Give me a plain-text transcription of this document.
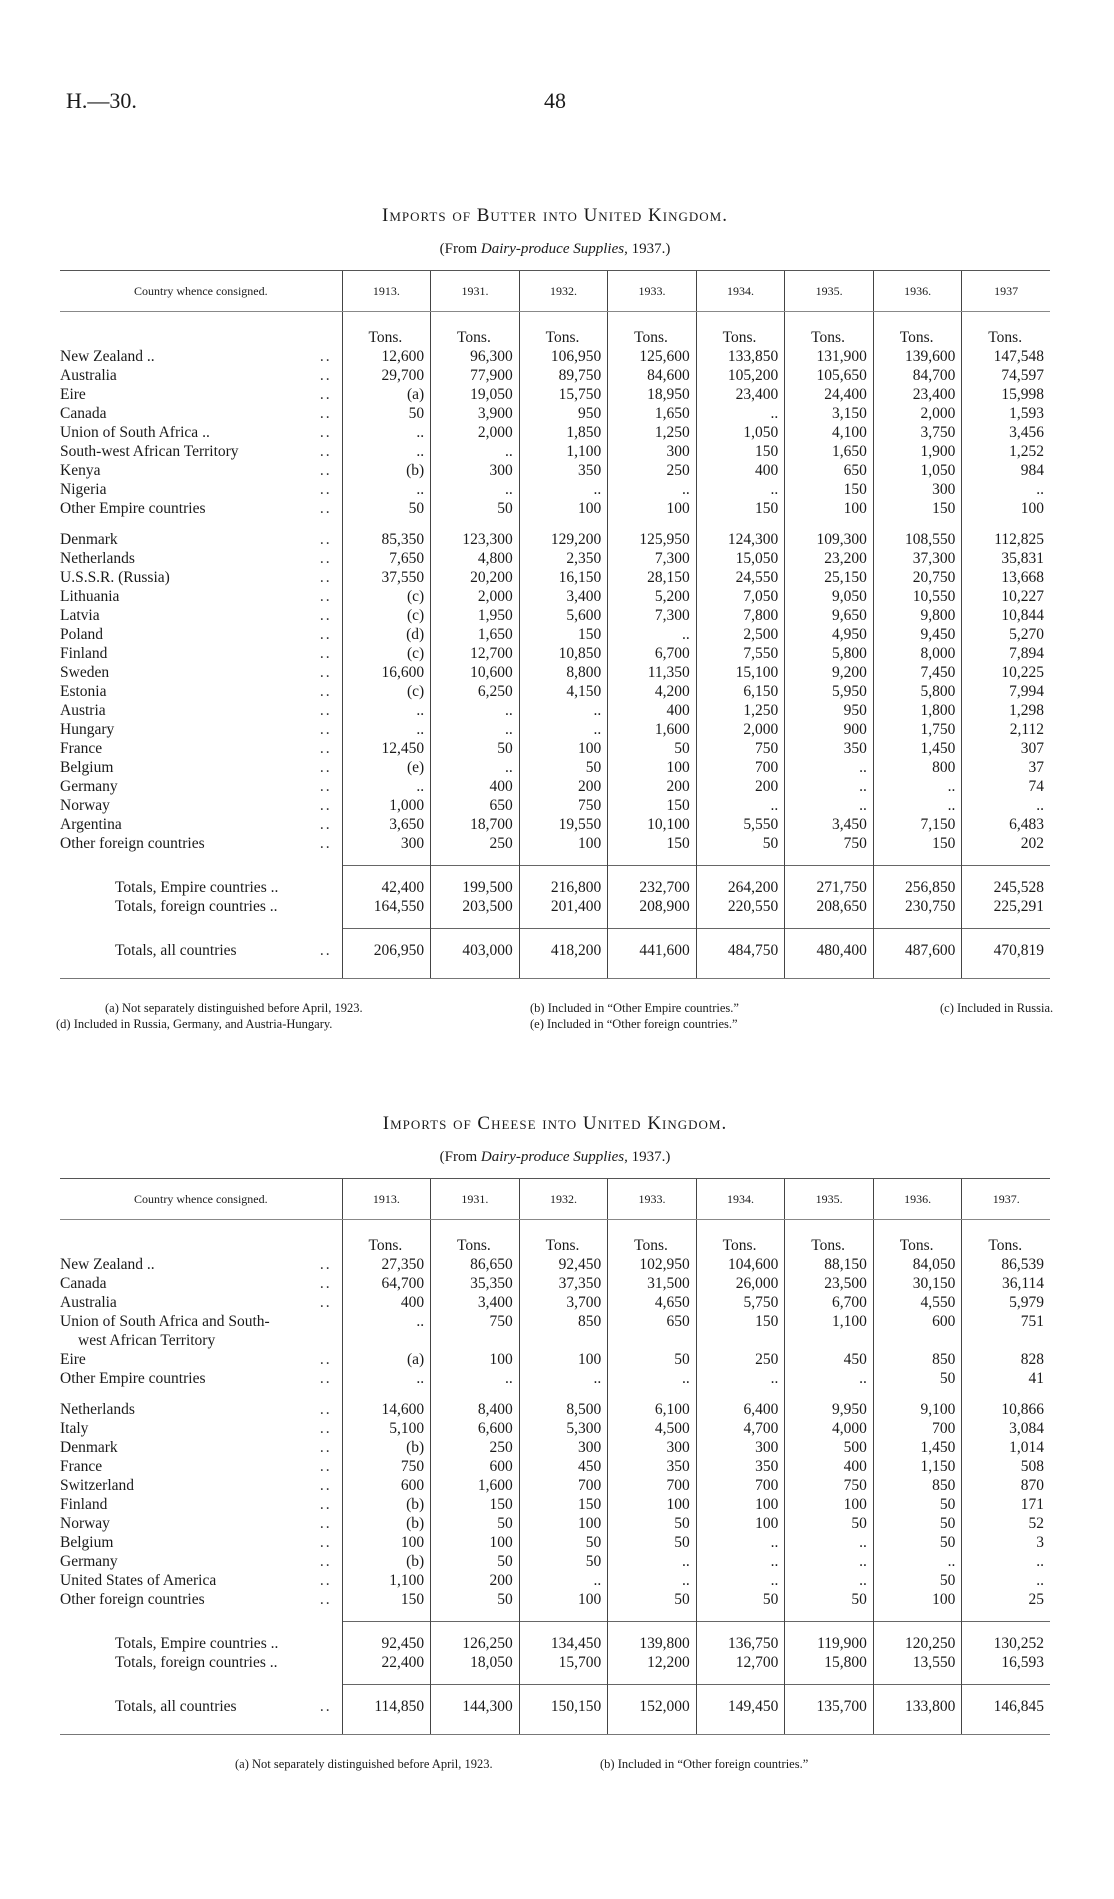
H.—30.	48
Imports of Butter into United Kingdom.
(From Dairy-produce Supplies, 1937.)
Country whence consigned.	1913.	1931.	1932.	1933.	1934.	1935.	1936.	1937
	Tons.	Tons.	Tons.	Tons.	Tons.	Tons.	Tons.	Tons.
New Zealand .. ..	12,600	96,300	106,950	125,600	133,850	131,900	139,600	147,548
Australia ..	29,700	77,900	89,750	84,600	105,200	105,650	84,700	74,597
Eire ..	(a)	19,050	15,750	18,950	23,400	24,400	23,400	15,998
Canada ..	50	3,900	950	1,650	..	3,150	2,000	1,593
Union of South Africa .. ..	..	2,000	1,850	1,250	1,050	4,100	3,750	3,456
South-west African Territory ..	..	..	1,100	300	150	1,650	1,900	1,252
Kenya ..	(b)	300	350	250	400	650	1,050	984
Nigeria ..	..	..	..	..	..	150	300	..
Other Empire countries ..	50	50	100	100	150	100	150	100

Denmark ..	85,350	123,300	129,200	125,950	124,300	109,300	108,550	112,825
Netherlands ..	7,650	4,800	2,350	7,300	15,050	23,200	37,300	35,831
U.S.S.R. (Russia) ..	37,550	20,200	16,150	28,150	24,550	25,150	20,750	13,668
Lithuania ..	(c)	2,000	3,400	5,200	7,050	9,050	10,550	10,227
Latvia ..	(c)	1,950	5,600	7,300	7,800	9,650	9,800	10,844
Poland ..	(d)	1,650	150	..	2,500	4,950	9,450	5,270
Finland ..	(c)	12,700	10,850	6,700	7,550	5,800	8,000	7,894
Sweden ..	16,600	10,600	8,800	11,350	15,100	9,200	7,450	10,225
Estonia ..	(c)	6,250	4,150	4,200	6,150	5,950	5,800	7,994
Austria ..	..	..	..	400	1,250	950	1,800	1,298
Hungary ..	..	..	..	1,600	2,000	900	1,750	2,112
France ..	12,450	50	100	50	750	350	1,450	307
Belgium ..	(e)	..	50	100	700	..	800	37
Germany ..	..	400	200	200	200	..	..	74
Norway ..	1,000	650	750	150	..	..	..	..
Argentina ..	3,650	18,700	19,550	10,100	5,550	3,450	7,150	6,483
Other foreign countries ..	300	250	100	150	50	750	150	202

Totals, Empire countries ..	42,400	199,500	216,800	232,700	264,200	271,750	256,850	245,528
Totals, foreign countries ..	164,550	203,500	201,400	208,900	220,550	208,650	230,750	225,291

Totals, all countries ..	206,950	403,000	418,200	441,600	484,750	480,400	487,600	470,819

(a) Not separately distinguished before April, 1923.	(b) Included in “Other Empire countries.”	(c) Included in Russia.
(d) Included in Russia, Germany, and Austria-Hungary.	(e) Included in “Other foreign countries.”
Imports of Cheese into United Kingdom.
(From Dairy-produce Supplies, 1937.)
Country whence consigned.	1913.	1931.	1932.	1933.	1934.	1935.	1936.	1937.
	Tons.	Tons.	Tons.	Tons.	Tons.	Tons.	Tons.	Tons.
New Zealand .. ..	27,350	86,650	92,450	102,950	104,600	88,150	84,050	86,539
Canada ..	64,700	35,350	37,350	31,500	26,000	23,500	30,150	36,114
Australia ..	400	3,400	3,700	4,650	5,750	6,700	4,550	5,979
Union of South Africa and South-	..	750	850	650	150	1,100	600	751
west African Territory								
Eire ..	(a)	100	100	50	250	450	850	828
Other Empire countries ..	..	..	..	..	..	..	50	41

Netherlands ..	14,600	8,400	8,500	6,100	6,400	9,950	9,100	10,866
Italy ..	5,100	6,600	5,300	4,500	4,700	4,000	700	3,084
Denmark ..	(b)	250	300	300	300	500	1,450	1,014
France ..	750	600	450	350	350	400	1,150	508
Switzerland ..	600	1,600	700	700	700	750	850	870
Finland ..	(b)	150	150	100	100	100	50	171
Norway ..	(b)	50	100	50	100	50	50	52
Belgium ..	100	100	50	50	..	..	50	3
Germany ..	(b)	50	50	..	..	..	..	..
United States of America ..	1,100	200	..	..	..	..	50	..
Other foreign countries ..	150	50	100	50	50	50	100	25

Totals, Empire countries ..	92,450	126,250	134,450	139,800	136,750	119,900	120,250	130,252
Totals, foreign countries ..	22,400	18,050	15,700	12,200	12,700	15,800	13,550	16,593

Totals, all countries ..	114,850	144,300	150,150	152,000	149,450	135,700	133,800	146,845

(a) Not separately distinguished before April, 1923.	(b) Included in “Other foreign countries.”
